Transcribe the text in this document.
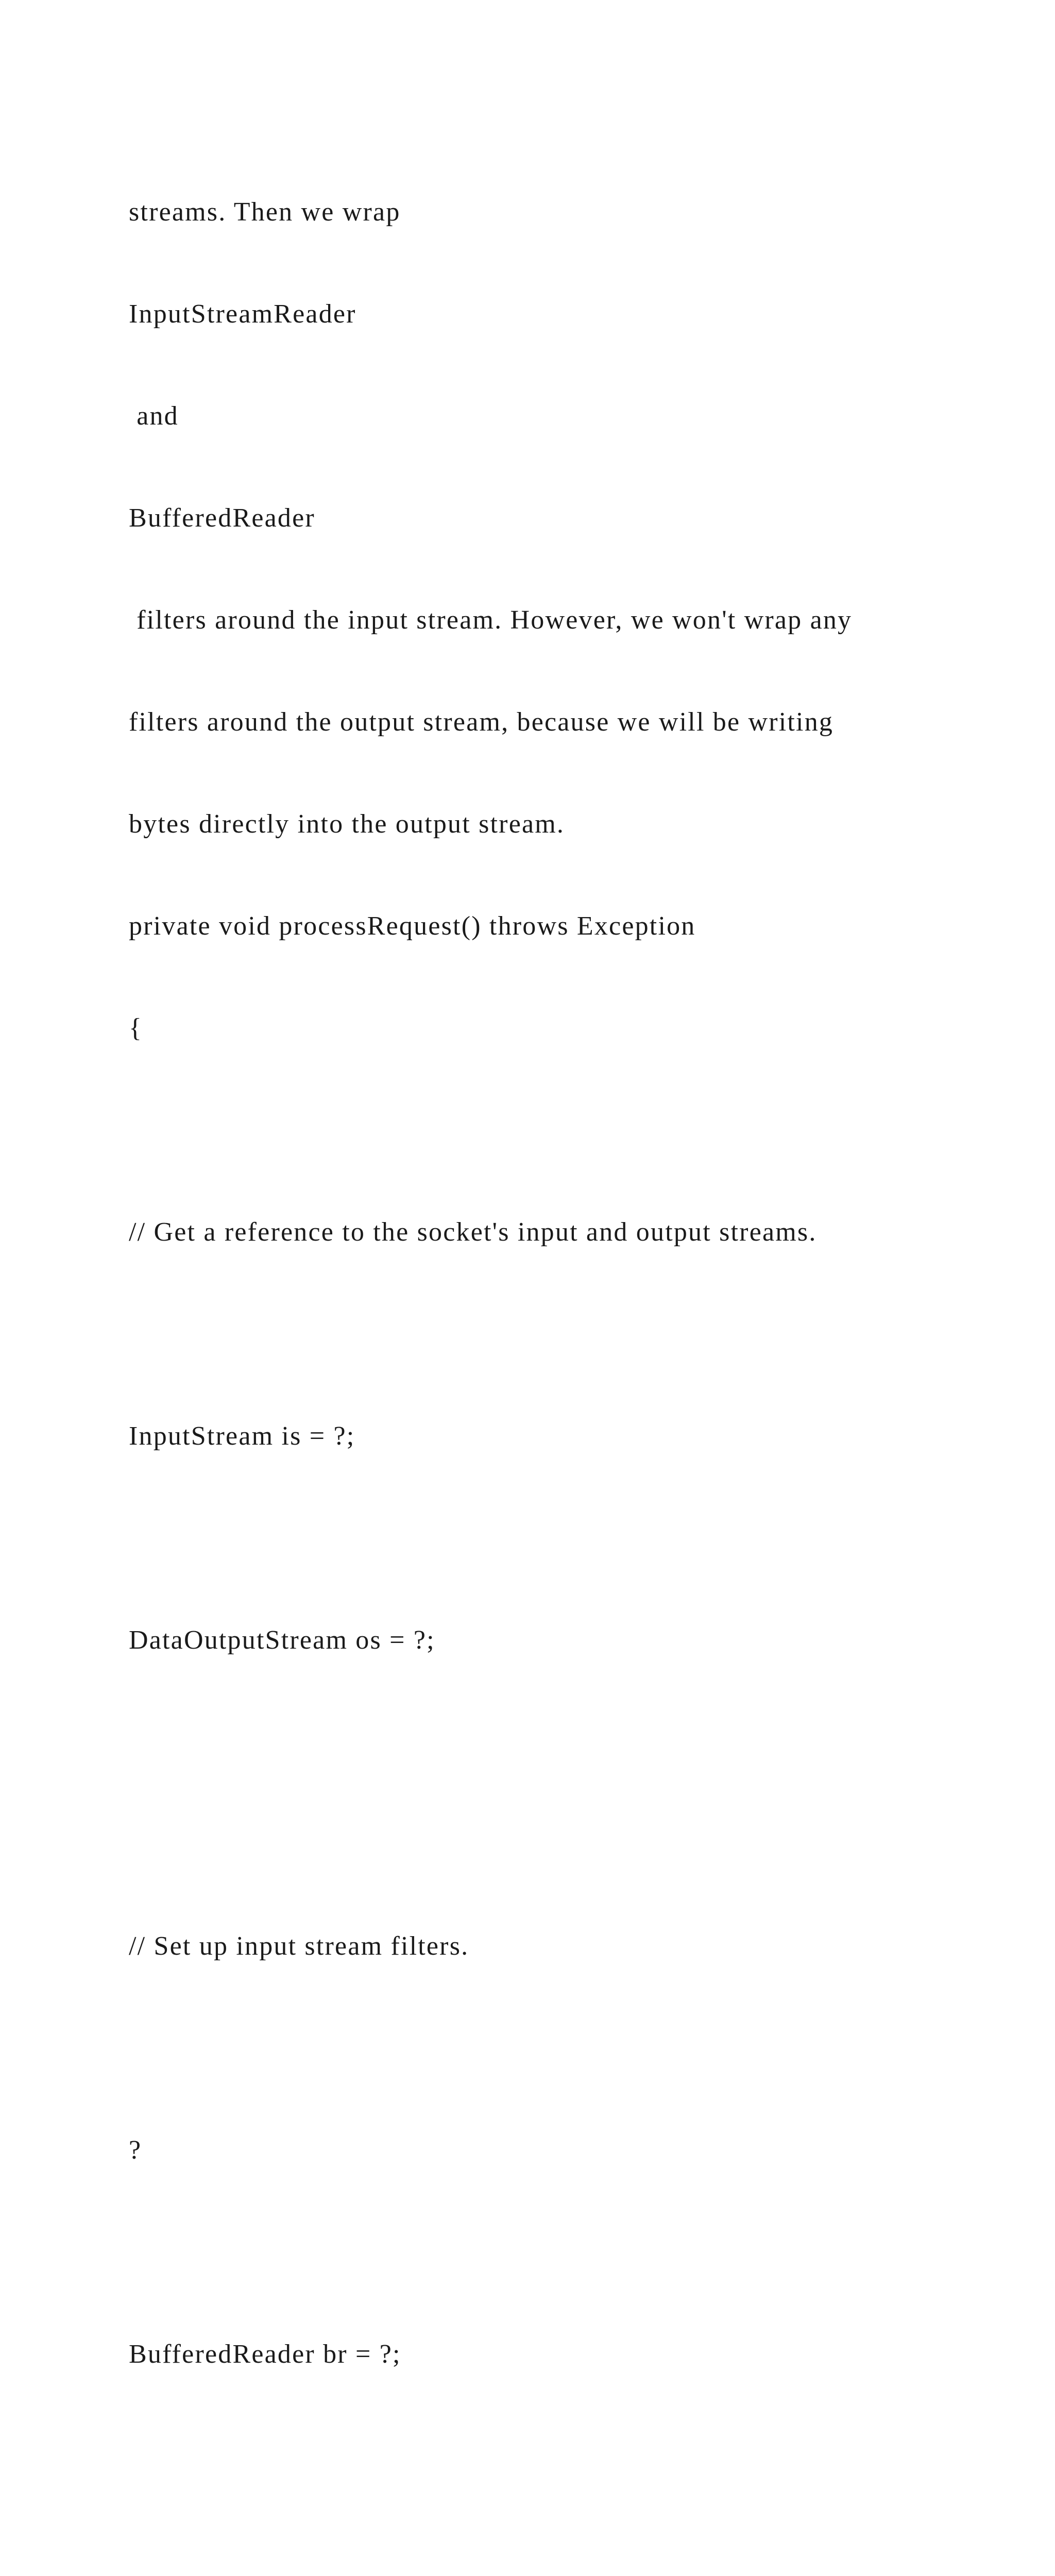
streams. Then we wrap

InputStreamReader

and

BufferedReader

filters around the input stream. However, we won't wrap any

filters around the output stream, because we will be writing

bytes directly into the output stream.

private void processRequest() throws Exception

{

// Get a reference to the socket's input and output streams.

InputStream is = ?;

DataOutputStream os = ?;

// Set up input stream filters.

?

BufferedReader br = ?;
